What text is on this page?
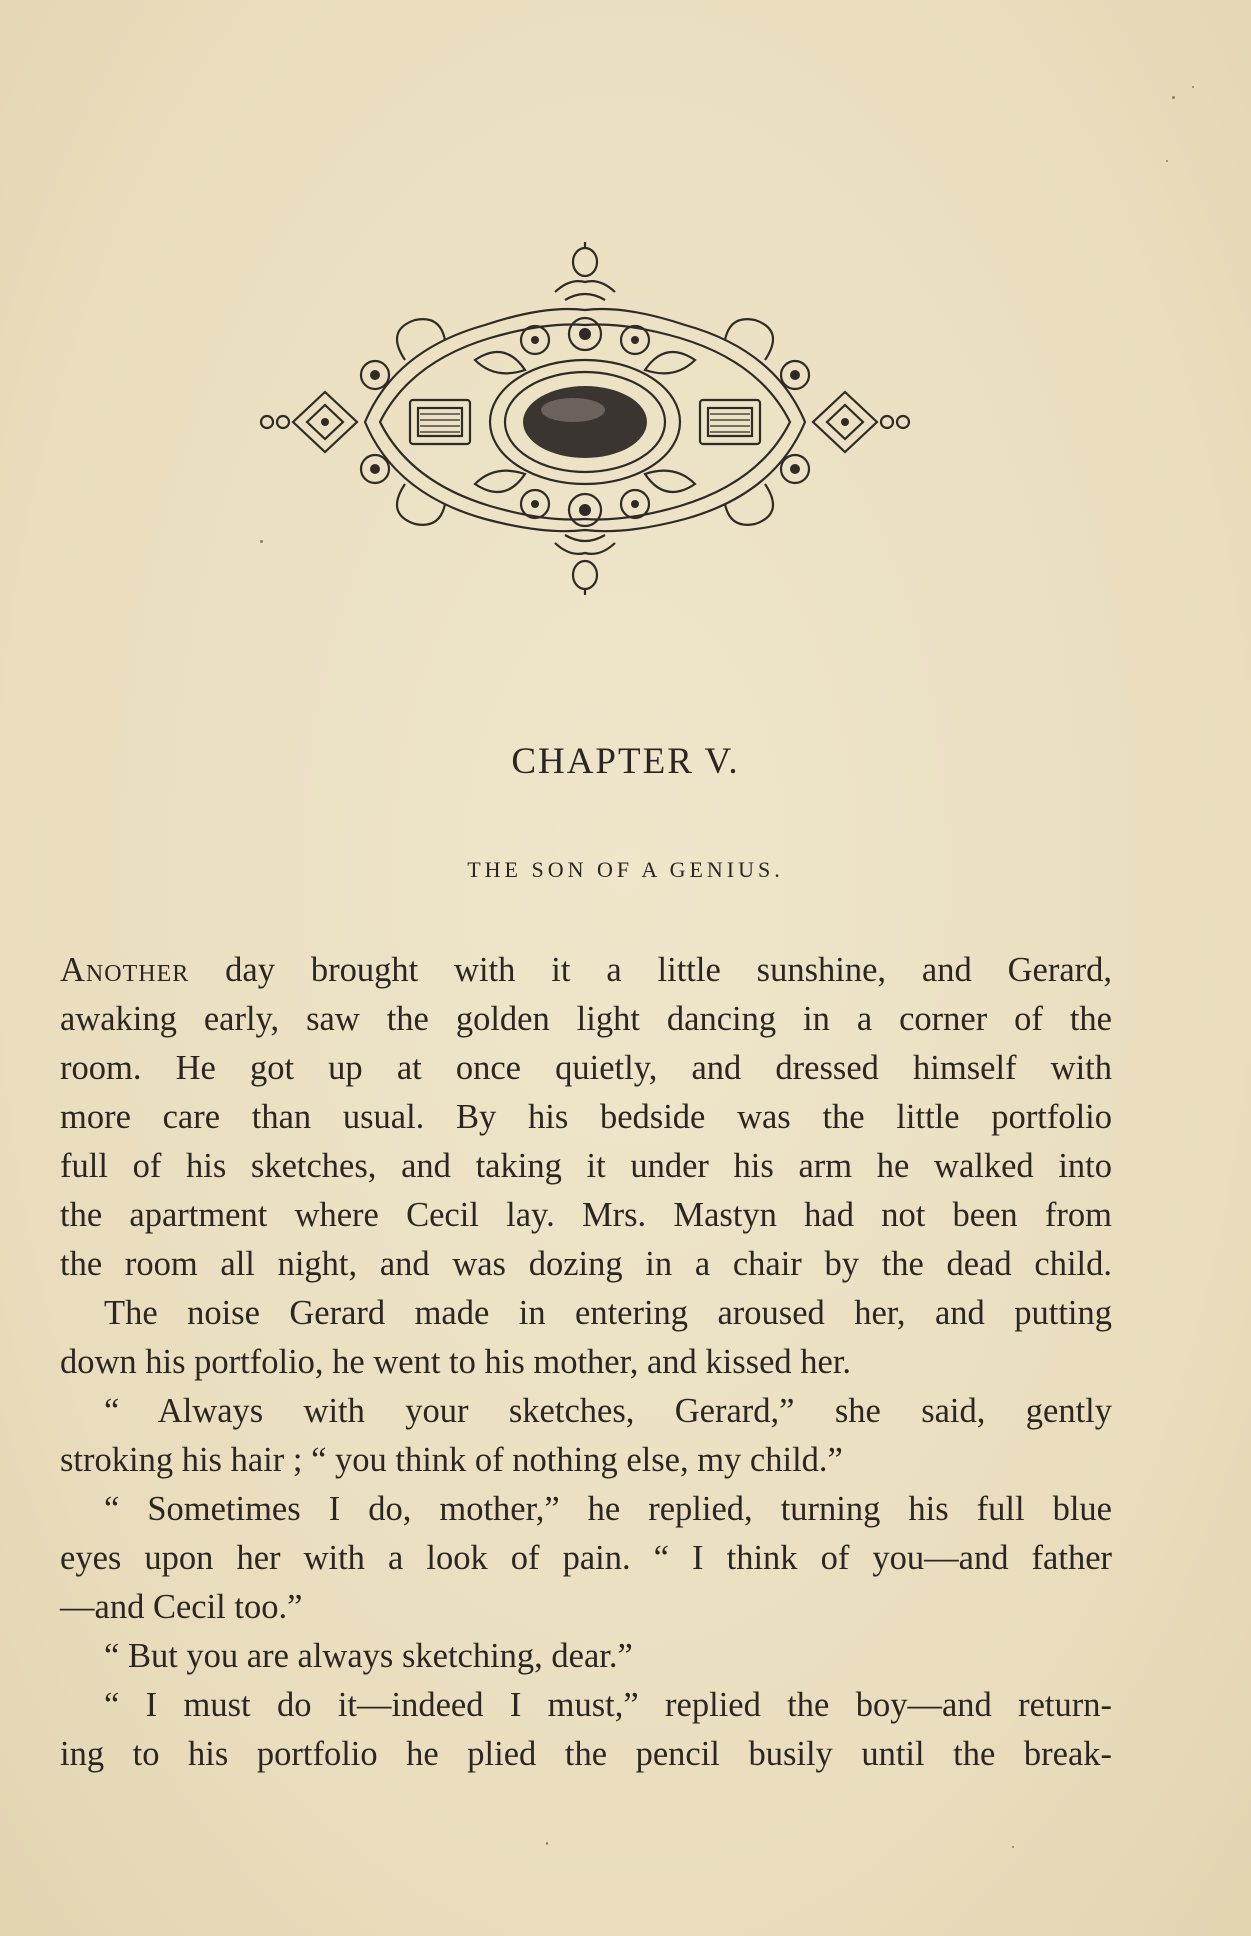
CHAPTER V.
THE SON OF A GENIUS.
Another day brought with it a little sunshine, and Gerard,
awaking early, saw the golden light dancing in a corner of the
room. He got up at once quietly, and dressed himself with
more care than usual. By his bedside was the little portfolio
full of his sketches, and taking it under his arm he walked into
the apartment where Cecil lay. Mrs. Mastyn had not been from
the room all night, and was dozing in a chair by the dead child.
The noise Gerard made in entering aroused her, and putting
down his portfolio, he went to his mother, and kissed her.
“ Always with your sketches, Gerard,” she said, gently
stroking his hair ; “ you think of nothing else, my child.”
“ Sometimes I do, mother,” he replied, turning his full blue
eyes upon her with a look of pain. “ I think of you—and father
—and Cecil too.”
“ But you are always sketching, dear.”
“ I must do it—indeed I must,” replied the boy—and return-
ing to his portfolio he plied the pencil busily until the break-
